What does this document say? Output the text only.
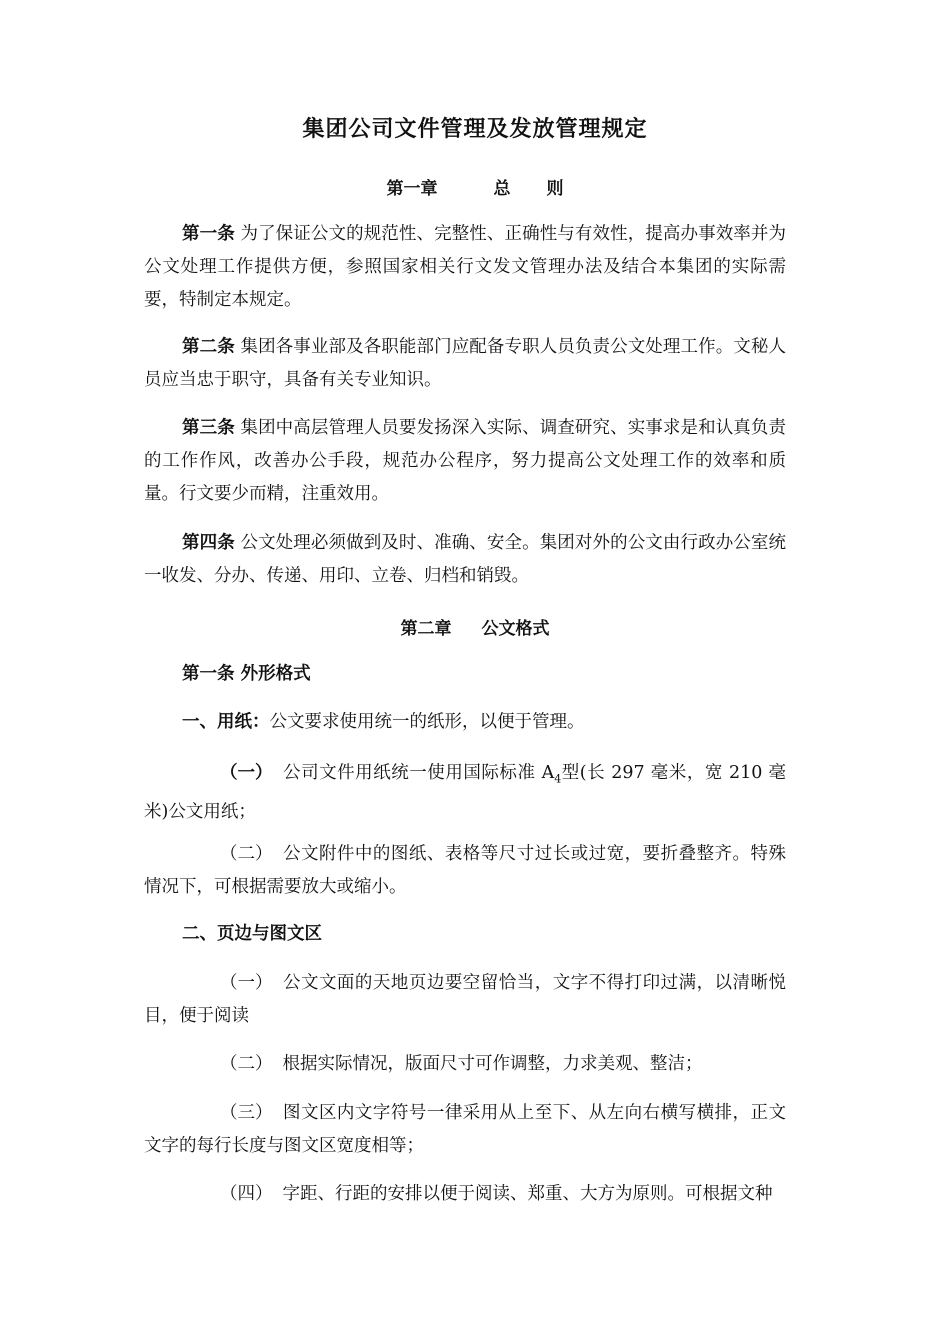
集团公司文件管理及发放管理规定
第一章	总 则
第一条 为了保证公文的规范性、完整性、正确性与有效性，提高办事效率并为公文处理工作提供方便，参照国家相关行文发文管理办法及结合本集团的实际需要，特制定本规定。
第二条 集团各事业部及各职能部门应配备专职人员负责公文处理工作。文秘人员应当忠于职守，具备有关专业知识。
第三条 集团中高层管理人员要发扬深入实际、调查研究、实事求是和认真负责的工作作风，改善办公手段，规范办公程序，努力提高公文处理工作的效率和质量。行文要少而精，注重效用。
第四条 公文处理必须做到及时、准确、安全。集团对外的公文由行政办公室统一收发、分办、传递、用印、立卷、归档和销毁。
第二章 公文格式
第一条 外形格式
一、用纸：公文要求使用统一的纸形，以便于管理。
（一） 公司文件用纸统一使用国际标准 $A_4$型(长 297 毫米，宽 210 毫米)公文用纸；
（二） 公文附件中的图纸、表格等尺寸过长或过宽，要折叠整齐。特殊情况下，可根据需要放大或缩小。
二、页边与图文区
（一） 公文文面的天地页边要空留恰当，文字不得打印过满，以清晰悦目，便于阅读
（二） 根据实际情况，版面尺寸可作调整，力求美观、整洁；
（三） 图文区内文字符号一律采用从上至下、从左向右横写横排，正文文字的每行长度与图文区宽度相等；
（四） 字距、行距的安排以便于阅读、郑重、大方为原则。可根据文种
